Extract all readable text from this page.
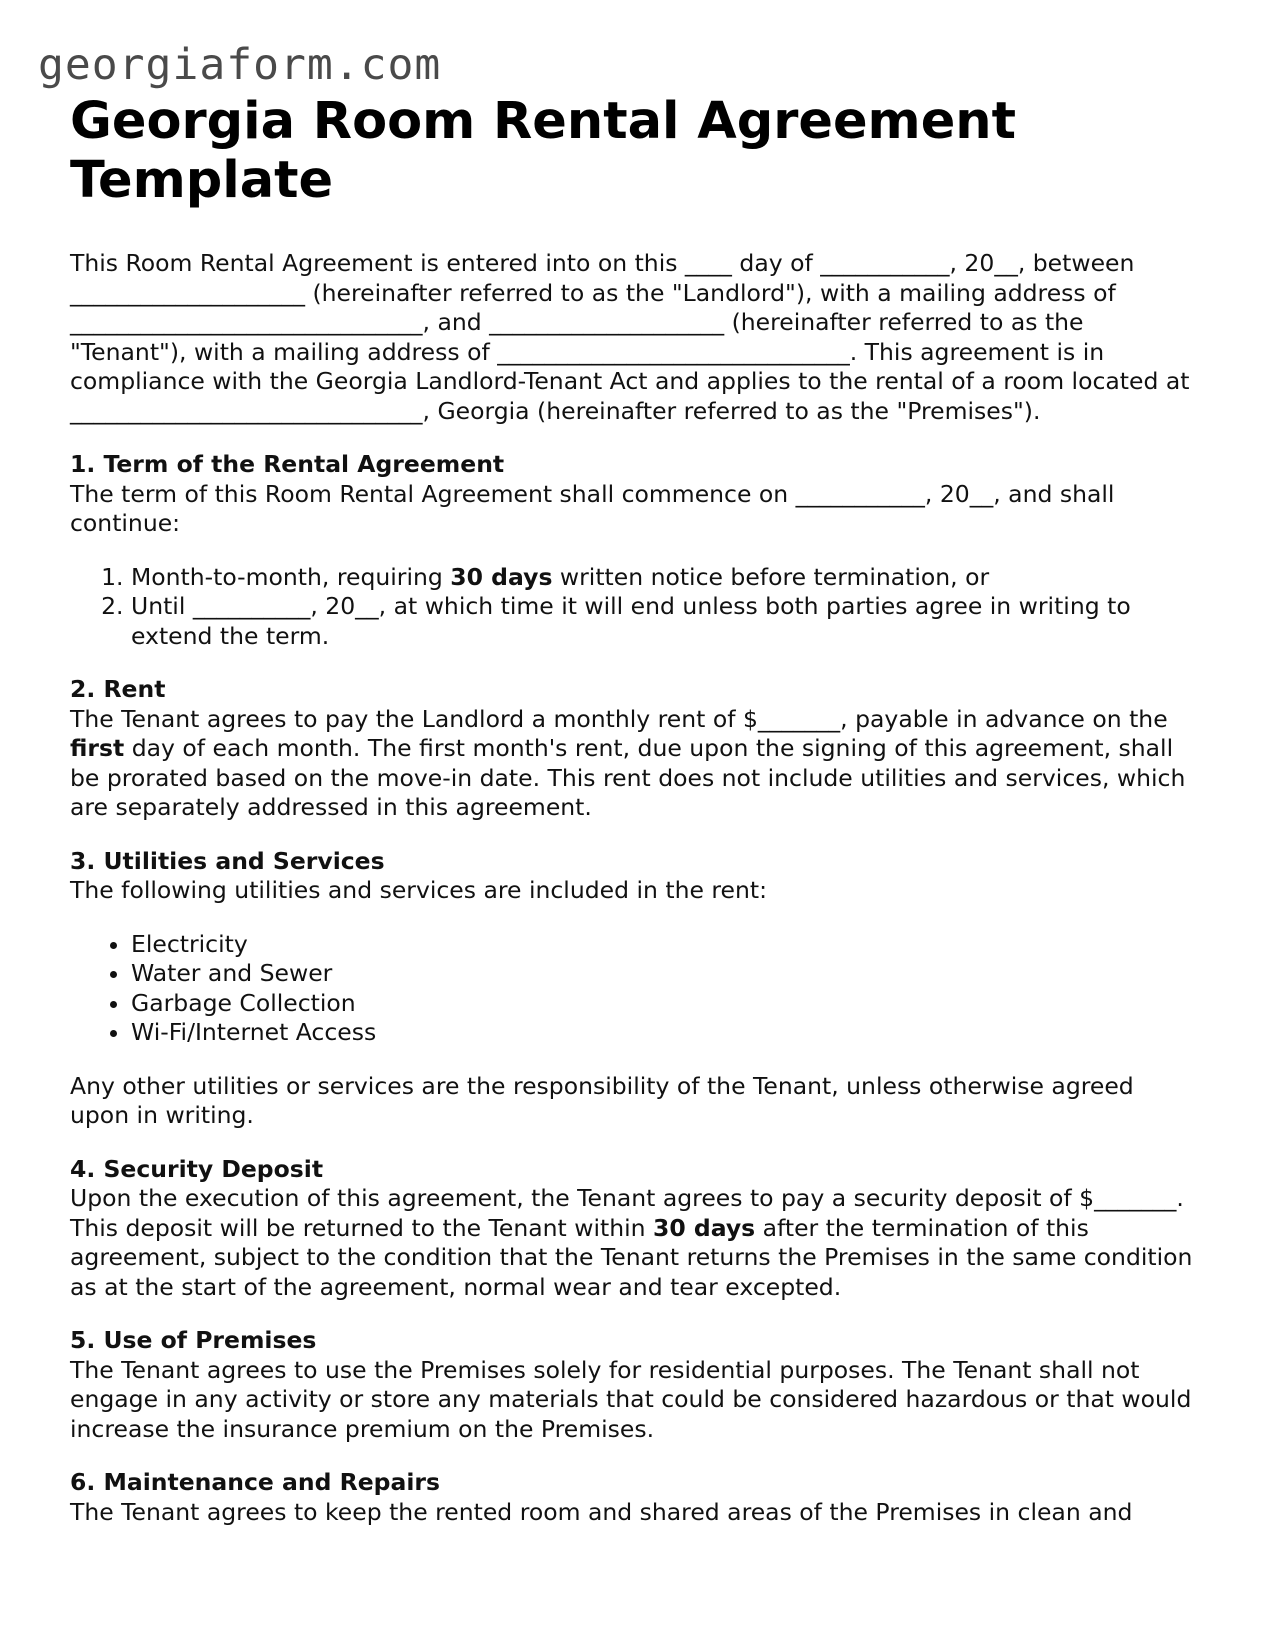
georgiaform.com
Georgia Room Rental Agreement Template

This Room Rental Agreement is entered into on this ____ day of ___________, 20__, between ____________________ (hereinafter referred to as the "Landlord"), with a mailing address of ______________________________, and ____________________ (hereinafter referred to as the "Tenant"), with a mailing address of ______________________________. This agreement is in compliance with the Georgia Landlord-Tenant Act and applies to the rental of a room located at ______________________________, Georgia (hereinafter referred to as the "Premises").

1. Term of the Rental Agreement

The term of this Room Rental Agreement shall commence on ___________, 20__, and shall continue:

1. Month-to-month, requiring 30 days written notice before termination, or
2. Until __________, 20__, at which time it will end unless both parties agree in writing to extend the term.
2. Rent

The Tenant agrees to pay the Landlord a monthly rent of $_______, payable in advance on the first day of each month. The first month's rent, due upon the signing of this agreement, shall be prorated based on the move-in date. This rent does not include utilities and services, which are separately addressed in this agreement.

3. Utilities and Services

The following utilities and services are included in the rent:

• Electricity
• Water and Sewer
• Garbage Collection
• Wi-Fi/Internet Access

Any other utilities or services are the responsibility of the Tenant, unless otherwise agreed upon in writing.

4. Security Deposit

Upon the execution of this agreement, the Tenant agrees to pay a security deposit of $_______. This deposit will be returned to the Tenant within 30 days after the termination of this agreement, subject to the condition that the Tenant returns the Premises in the same condition as at the start of the agreement, normal wear and tear excepted.

5. Use of Premises

The Tenant agrees to use the Premises solely for residential purposes. The Tenant shall not engage in any activity or store any materials that could be considered hazardous or that would increase the insurance premium on the Premises.

6. Maintenance and Repairs

The Tenant agrees to keep the rented room and shared areas of the Premises in clean and
